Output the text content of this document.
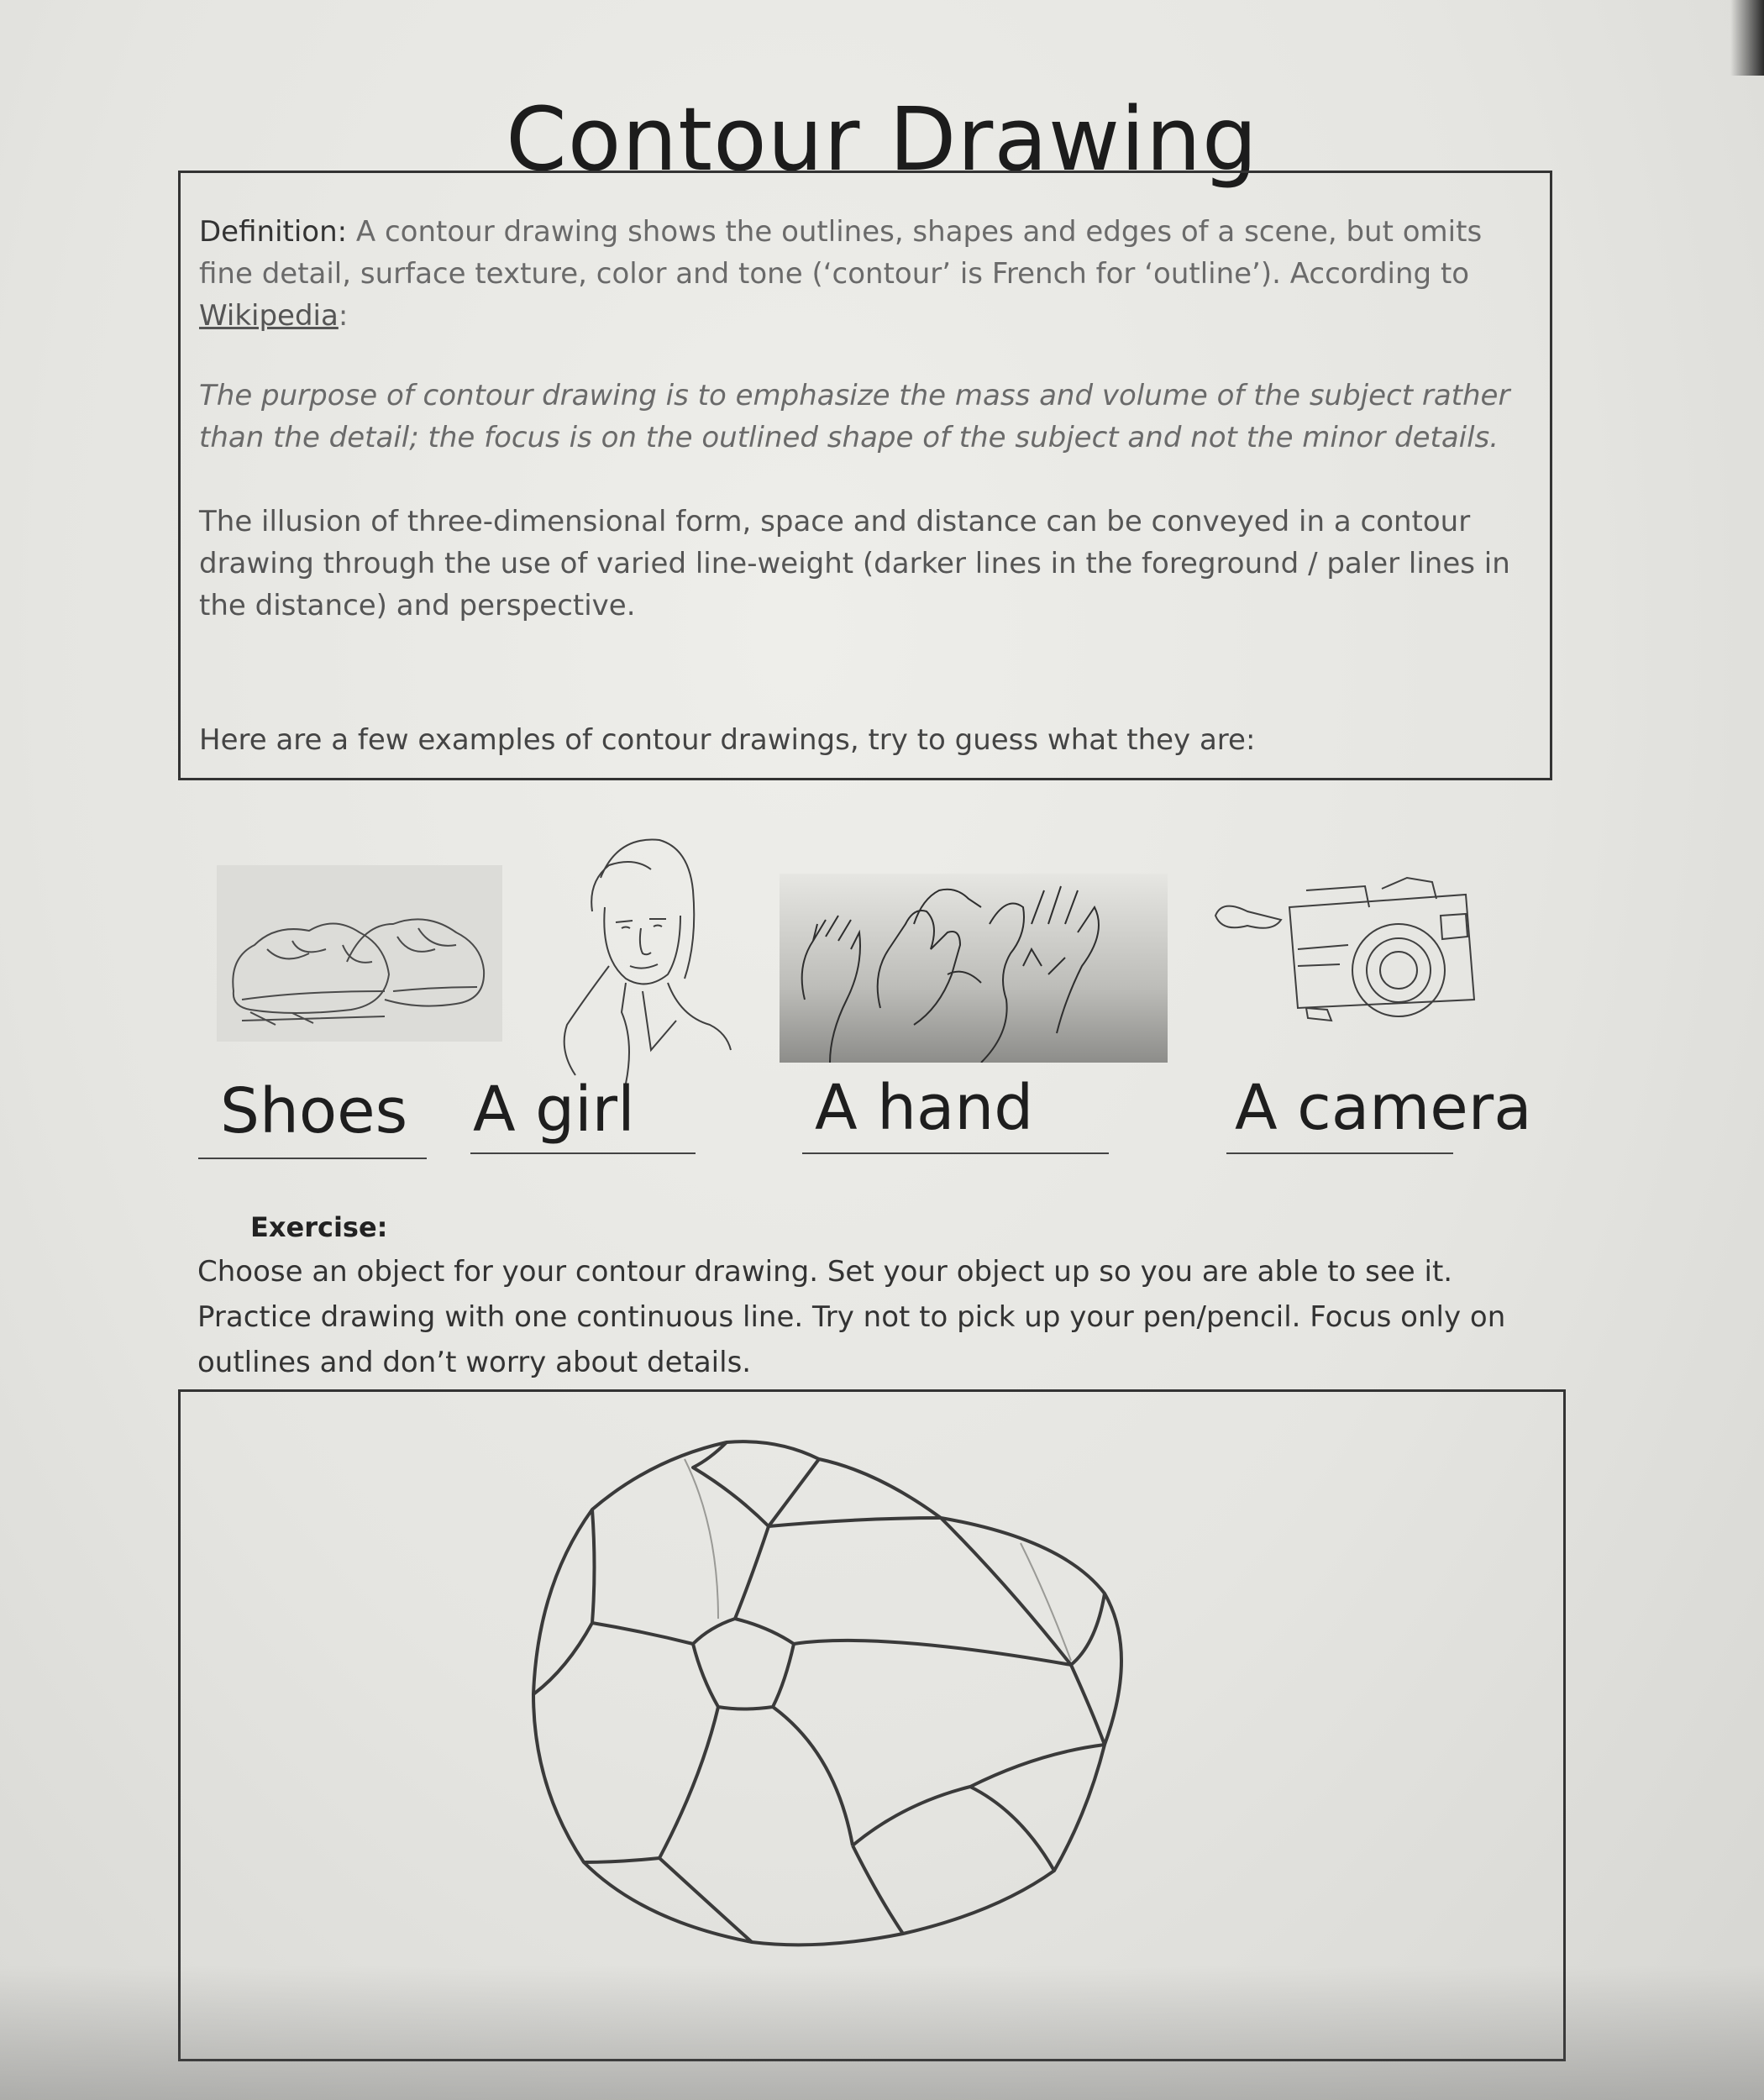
Contour Drawing
Definition: A contour drawing shows the outlines, shapes and edges of a scene, but omits fine detail, surface texture, color and tone (‘contour’ is French for ‘outline’). According to Wikipedia:
The purpose of contour drawing is to emphasize the mass and volume of the subject rather than the detail; the focus is on the outlined shape of the subject and not the minor details.
The illusion of three-dimensional form, space and distance can be conveyed in a contour drawing through the use of varied line-weight (darker lines in the foreground / paler lines in the distance) and perspective.
Here are a few examples of contour drawings, try to guess what they are:
Shoes A girl	A hand	A camera
Exercise:
Choose an object for your contour drawing. Set your object up so you are able to see it. Practice drawing with one continuous line. Try not to pick up your pen/pencil. Focus only on outlines and don’t worry about details.
